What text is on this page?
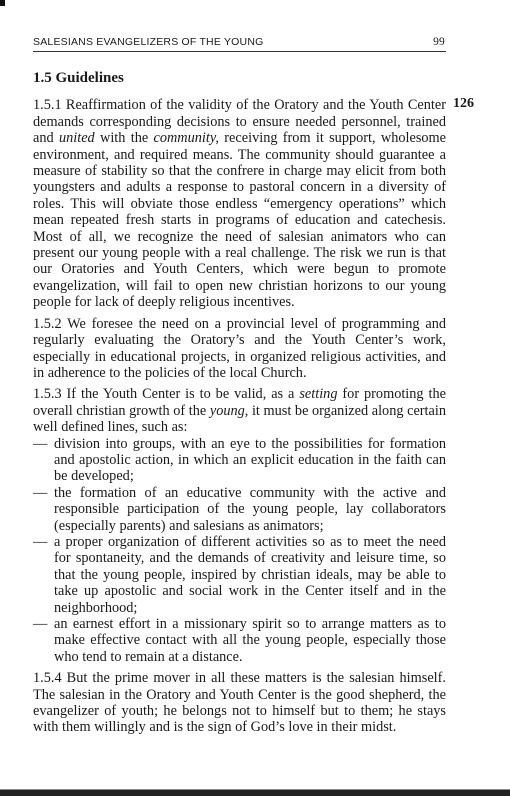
SALESIANS EVANGELIZERS OF THE YOUNG	99
126
1.5 Guidelines

1.5.1 Reaffirmation of the validity of the Oratory and the Youth Center demands corresponding decisions to ensure needed personnel, trained and united with the community, receiving from it support, wholesome environment, and required means. The community should guarantee a measure of stability so that the confrere in charge may elicit from both youngsters and adults a response to pastoral concern in a diversity of roles. This will obviate those endless “emergency operations” which mean repeated fresh starts in programs of education and catechesis. Most of all, we recognize the need of salesian animators who can present our young people with a real challenge. The risk we run is that our Oratories and Youth Centers, which were begun to promote evangelization, will fail to open new christian horizons to our young people for lack of deeply religious incentives.

1.5.2 We foresee the need on a provincial level of programming and regularly evaluating the Oratory’s and the Youth Center’s work, especially in educational projects, in organized religious activities, and in adherence to the policies of the local Church.

1.5.3 If the Youth Center is to be valid, as a setting for promoting the overall christian growth of the young, it must be organized along certain well defined lines, such as:

— division into groups, with an eye to the possibilities for formation and apostolic action, in which an explicit education in the faith can be developed;
— the formation of an educative community with the active and responsible participation of the young people, lay collaborators (especially parents) and salesians as animators;
— a proper organization of different activities so as to meet the need for spontaneity, and the demands of creativity and leisure time, so that the young people, inspired by christian ideals, may be able to take up apostolic and social work in the Center itself and in the neighborhood;
— an earnest effort in a missionary spirit so to arrange matters as to make effective contact with all the young people, especially those who tend to remain at a distance.

1.5.4 But the prime mover in all these matters is the salesian himself. The salesian in the Oratory and Youth Center is the good shepherd, the evangelizer of youth; he belongs not to himself but to them; he stays with them willingly and is the sign of God’s love in their midst.
